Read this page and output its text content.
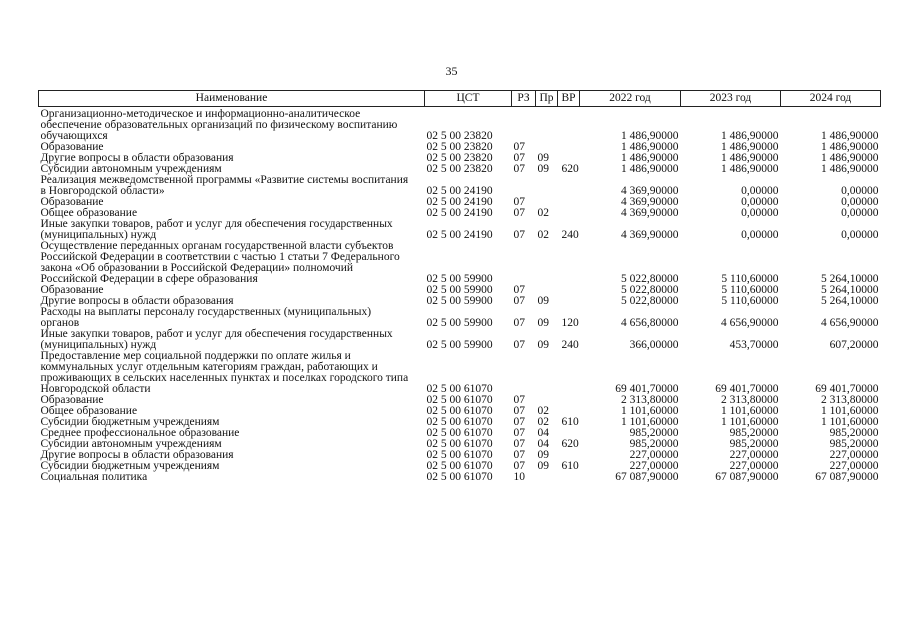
35
Наименование	ЦСТ	РЗ	Пр	ВР	2022 год	2023 год	2024 год
Организационно-методическое и информационно-аналитическое обеспечение образовательных организаций по физическому воспитанию обучающихся	02 5 00 23820				1 486,90000	1 486,90000	1 486,90000
Образование	02 5 00 23820	07			1 486,90000	1 486,90000	1 486,90000
Другие вопросы в области образования	02 5 00 23820	07	09		1 486,90000	1 486,90000	1 486,90000
Субсидии автономным учреждениям	02 5 00 23820	07	09	620	1 486,90000	1 486,90000	1 486,90000
Реализация межведомственной программы «Развитие системы воспитания в Новгородской области»	02 5 00 24190				4 369,90000	0,00000	0,00000
Образование	02 5 00 24190	07			4 369,90000	0,00000	0,00000
Общее образование	02 5 00 24190	07	02		4 369,90000	0,00000	0,00000
Иные закупки товаров, работ и услуг для обеспечения государственных (муниципальных) нужд	02 5 00 24190	07	02	240	4 369,90000	0,00000	0,00000
Осуществление переданных органам государственной власти субъектов Российской Федерации в соответствии с частью 1 статьи 7 Федерального закона «Об образовании в Российской Федерации» полномочий Российской Федерации в сфере образования	02 5 00 59900				5 022,80000	5 110,60000	5 264,10000
Образование	02 5 00 59900	07			5 022,80000	5 110,60000	5 264,10000
Другие вопросы в области образования	02 5 00 59900	07	09		5 022,80000	5 110,60000	5 264,10000
Расходы на выплаты персоналу государственных (муниципальных) органов	02 5 00 59900	07	09	120	4 656,80000	4 656,90000	4 656,90000
Иные закупки товаров, работ и услуг для обеспечения государственных (муниципальных) нужд	02 5 00 59900	07	09	240	366,00000	453,70000	607,20000
Предоставление мер социальной поддержки по оплате жилья и коммунальных услуг отдельным категориям граждан, работающих и проживающих в сельских населенных пунктах и поселках городского типа Новгородской области	02 5 00 61070				69 401,70000	69 401,70000	69 401,70000
Образование	02 5 00 61070	07			2 313,80000	2 313,80000	2 313,80000
Общее образование	02 5 00 61070	07	02		1 101,60000	1 101,60000	1 101,60000
Субсидии бюджетным учреждениям	02 5 00 61070	07	02	610	1 101,60000	1 101,60000	1 101,60000
Среднее профессиональное образование	02 5 00 61070	07	04		985,20000	985,20000	985,20000
Субсидии автономным учреждениям	02 5 00 61070	07	04	620	985,20000	985,20000	985,20000
Другие вопросы в области образования	02 5 00 61070	07	09		227,00000	227,00000	227,00000
Субсидии бюджетным учреждениям	02 5 00 61070	07	09	610	227,00000	227,00000	227,00000
Социальная политика	02 5 00 61070	10			67 087,90000	67 087,90000	67 087,90000
